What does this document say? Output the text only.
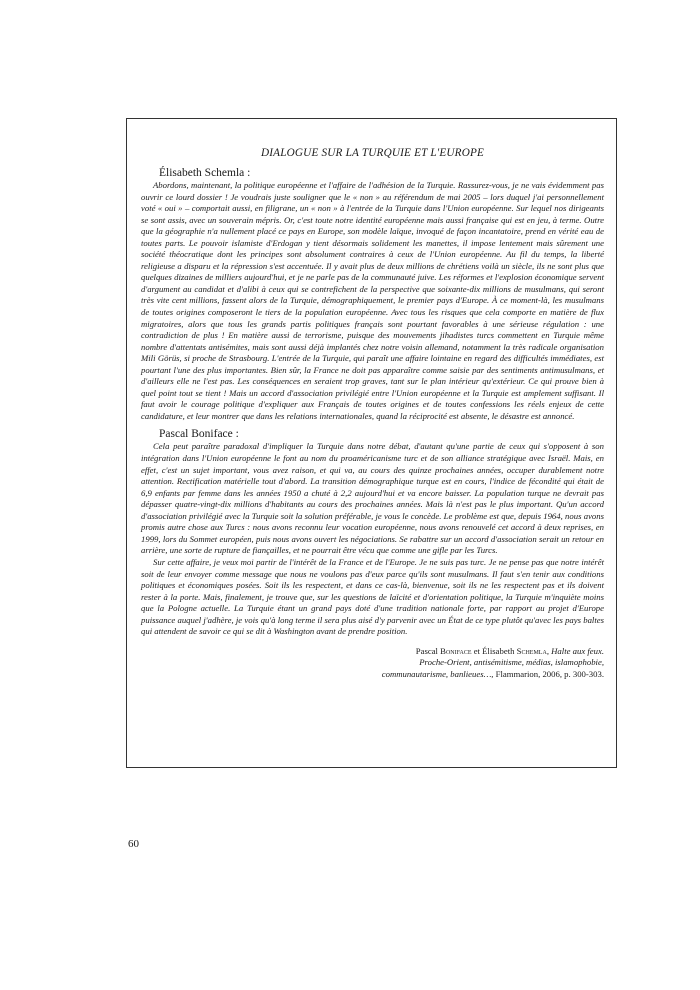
DIALOGUE SUR LA TURQUIE ET L'EUROPE
Élisabeth Schemla :

Abordons, maintenant, la politique européenne et l'affaire de l'adhésion de la Turquie. Rassurez-vous, je ne vais évidemment pas ouvrir ce lourd dossier ! Je voudrais juste souligner que le « non » au référendum de mai 2005 – lors duquel j'ai personnellement voté « oui » – comportait aussi, en filigrane, un « non » à l'entrée de la Turquie dans l'Union européenne. Sur lequel nos dirigeants se sont assis, avec un souverain mépris. Or, c'est toute notre identité européenne mais aussi française qui est en jeu, à terme. Outre que la géographie n'a nullement placé ce pays en Europe, son modèle laïque, invoqué de façon incantatoire, prend en vérité eau de toutes parts. Le pouvoir islamiste d'Erdogan y tient désormais solidement les manettes, il impose lentement mais sûrement une société théocratique dont les principes sont absolument contraires à ceux de l'Union européenne. Au fil du temps, la liberté religieuse a disparu et la répression s'est accentuée. Il y avait plus de deux millions de chrétiens voilà un siècle, ils ne sont plus que quelques dizaines de milliers aujourd'hui, et je ne parle pas de la communauté juive. Les réformes et l'explosion économique servent d'argument au candidat et d'alibi à ceux qui se contrefichent de la perspective que soixante-dix millions de musulmans, qui seront très vite cent millions, fassent alors de la Turquie, démographiquement, le premier pays d'Europe. À ce moment-là, les musulmans de toutes origines composeront le tiers de la population européenne. Avec tous les risques que cela comporte en matière de flux migratoires, alors que tous les grands partis politiques français sont pourtant favorables à une sérieuse régulation : une contradiction de plus ! En matière aussi de terrorisme, puisque des mouvements jihadistes turcs commettent en Turquie même nombre d'attentats antisémites, mais sont aussi déjà implantés chez notre voisin allemand, notamment la très radicale organisation Mili Görüs, si proche de Strasbourg. L'entrée de la Turquie, qui paraît une affaire lointaine en regard des difficultés immédiates, est pourtant l'une des plus importantes. Bien sûr, la France ne doit pas apparaître comme saisie par des sentiments antimusulmans, et d'ailleurs elle ne l'est pas. Les conséquences en seraient trop graves, tant sur le plan intérieur qu'extérieur. Ce qui prouve bien à quel point tout se tient ! Mais un accord d'association privilégié entre l'Union européenne et la Turquie est amplement suffisant. Il faut avoir le courage politique d'expliquer aux Français de toutes origines et de toutes confessions les réels enjeux de cette candidature, et leur montrer que dans les relations internationales, quand la réciprocité est absente, le désastre est annoncé.

Pascal Boniface :

Cela peut paraître paradoxal d'impliquer la Turquie dans notre débat, d'autant qu'une partie de ceux qui s'opposent à son intégration dans l'Union européenne le font au nom du proaméricanisme turc et de son alliance stratégique avec Israël. Mais, en effet, c'est un sujet important, vous avez raison, et qui va, au cours des quinze prochaines années, occuper durablement notre attention. Rectification matérielle tout d'abord. La transition démographique turque est en cours, l'indice de fécondité qui était de 6,9 enfants par femme dans les années 1950 a chuté à 2,2 aujourd'hui et va encore baisser. La population turque ne devrait pas dépasser quatre-vingt-dix millions d'habitants au cours des prochaines années. Mais là n'est pas le plus important. Qu'un accord d'association privilégié avec la Turquie soit la solution préférable, je vous le concède. Le problème est que, depuis 1964, nous avons promis autre chose aux Turcs : nous avons reconnu leur vocation européenne, nous avons renouvelé cet accord à deux reprises, en 1999, lors du Sommet européen, puis nous avons ouvert les négociations. Se rabattre sur un accord d'association serait un retour en arrière, une sorte de rupture de fiançailles, et ne pourrait être vécu que comme une gifle par les Turcs.

Sur cette affaire, je veux moi partir de l'intérêt de la France et de l'Europe. Je ne suis pas turc. Je ne pense pas que notre intérêt soit de leur envoyer comme message que nous ne voulons pas d'eux parce qu'ils sont musulmans. Il faut s'en tenir aux conditions politiques et économiques posées. Soit ils les respectent, et dans ce cas-là, bienvenue, soit ils ne les respectent pas et ils doivent rester à la porte. Mais, finalement, je trouve que, sur les questions de laïcité et d'orientation politique, la Turquie m'inquiète moins que la Pologne actuelle. La Turquie étant un grand pays doté d'une tradition nationale forte, par rapport au projet d'Europe puissance auquel j'adhère, je vois qu'à long terme il sera plus aisé d'y parvenir avec un État de ce type plutôt qu'avec les pays baltes qui attendent de savoir ce qui se dit à Washington avant de prendre position.

Pascal Boniface et Élisabeth Schemla, Halte aux feux.
Proche-Orient, antisémitisme, médias, islamophobie,
communautarisme, banlieues…, Flammarion, 2006, p. 300-303.
60
